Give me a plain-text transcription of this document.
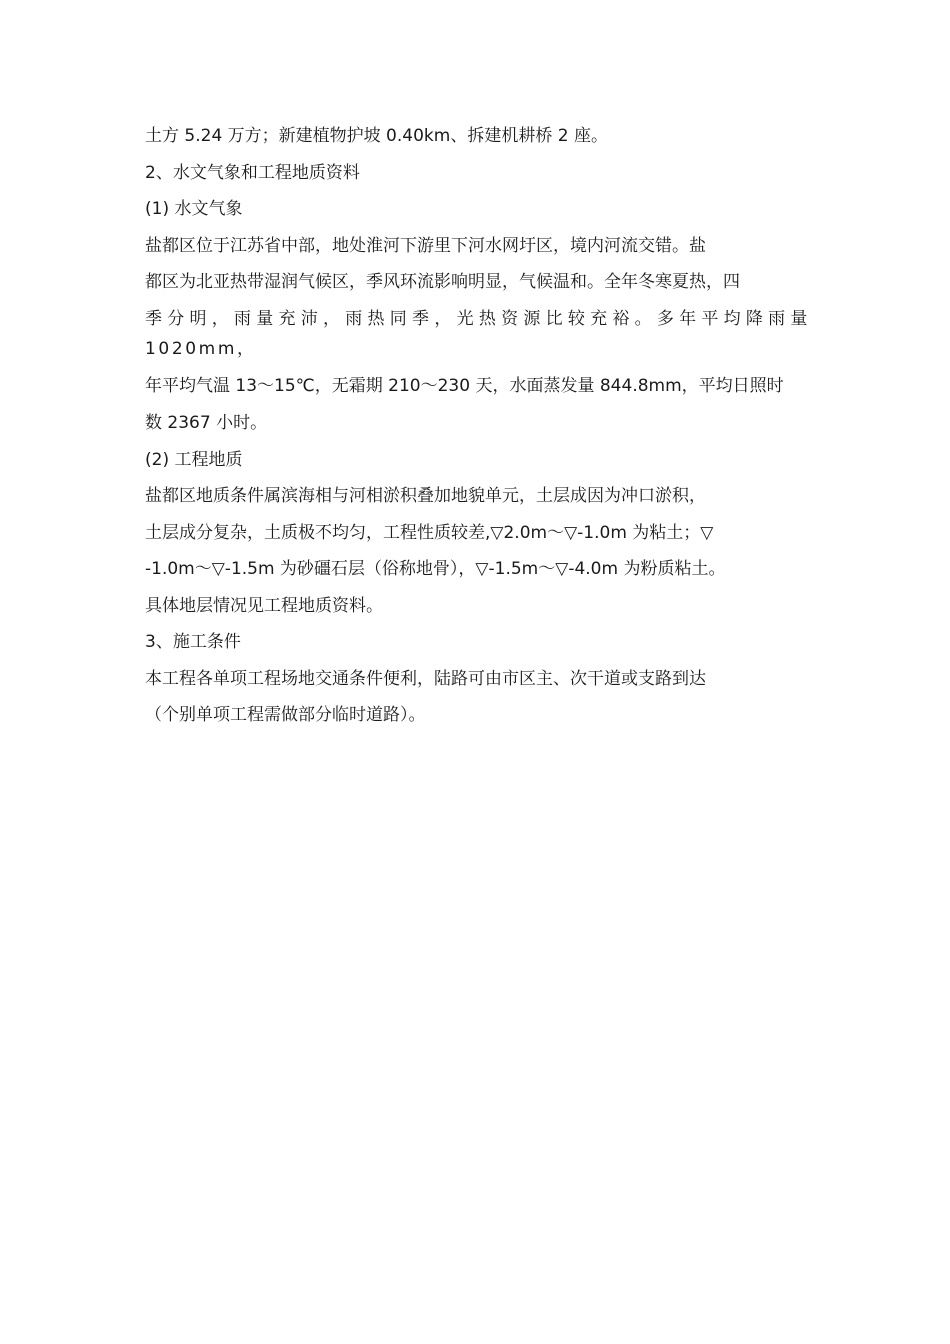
土方 5.24 万方；新建植物护坡 0.40km、拆建机耕桥 2 座。

2、水文气象和工程地质资料

(1) 水文气象

盐都区位于江苏省中部，地处淮河下游里下河水网圩区，境内河流交错。盐

都区为北亚热带湿润气候区，季风环流影响明显，气候温和。全年冬寒夏热，四

季分明，雨量充沛，雨热同季，光热资源比较充裕。多年平均降雨量 1020mm，

年平均气温 13～15℃，无霜期 210～230 天，水面蒸发量 844.8mm，平均日照时

数 2367 小时。

(2) 工程地质

盐都区地质条件属滨海相与河相淤积叠加地貌单元，土层成因为冲口淤积，

土层成分复杂，土质极不均匀，工程性质较差,▽2.0m～▽-1.0m 为粘土；▽

-1.0m～▽-1.5m 为砂礓石层（俗称地骨），▽-1.5m～▽-4.0m 为粉质粘土。

具体地层情况见工程地质资料。

3、施工条件

本工程各单项工程场地交通条件便利，陆路可由市区主、次干道或支路到达

（个别单项工程需做部分临时道路）。
